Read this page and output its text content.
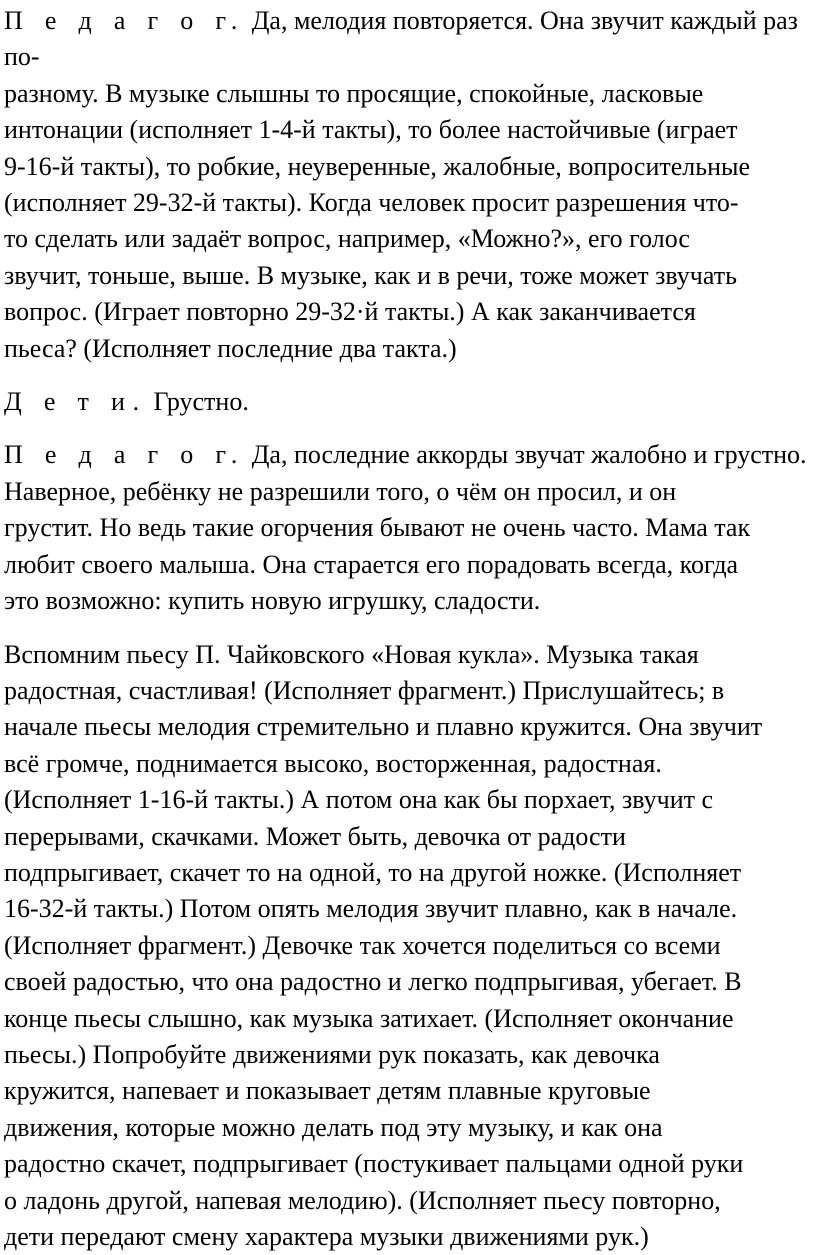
П е д а г о г. Да, мелодия повторяется. Она звучит каждый раз по-
разному. В музыке слышны то просящие, спокойные, ласковые
интонации (исполняет 1-4-й такты), то более настойчивые (играет
9-16-й такты), то робкие, неуверенные, жалобные, вопросительные
(исполняет 29-32-й такты). Когда человек просит разрешения что-
то сделать или задаёт вопрос, например, «Можно?», его голос
звучит, тоньше, выше. В музыке, как и в речи, тоже может звучать
вопрос. (Играет повторно 29-32·й такты.) А как заканчивается
пьеса? (Исполняет последние два такта.)

Д е т и. Грустно.

П е д а г о г. Да, последние аккорды звучат жалобно и грустно.
Наверное, ребёнку не разрешили того, о чём он просил, и он
грустит. Но ведь такие огорчения бывают не очень часто. Мама так
любит своего малыша. Она старается его порадовать всегда, когда
это возможно: купить новую игрушку, сладости.

Вспомним пьесу П. Чайковского «Новая кукла». Музыка такая
радостная, счастливая! (Исполняет фрагмент.) Прислушайтесь; в
начале пьесы мелодия стремительно и плавно кружится. Она звучит
всё громче, поднимается высоко, восторженная, радостная.
(Исполняет 1-16-й такты.) А потом она как бы порхает, звучит с
перерывами, скачками. Может быть, девочка от радости
подпрыгивает, скачет то на одной, то на другой ножке. (Исполняет
16-32-й такты.) Потом опять мелодия звучит плавно, как в начале.
(Исполняет фрагмент.) Девочке так хочется поделиться со всеми
своей радостью, что она радостно и легко подпрыгивая, убегает. В
конце пьесы слышно, как музыка затихает. (Исполняет окончание
пьесы.) Попробуйте движениями рук показать, как девочка
кружится, напевает и показывает детям плавные круговые
движения, которые можно делать под эту музыку, и как она
радостно скачет, подпрыгивает (постукивает пальцами одной руки
о ладонь другой, напевая мелодию). (Исполняет пьесу повторно,
дети передают смену характера музыки движениями рук.)
